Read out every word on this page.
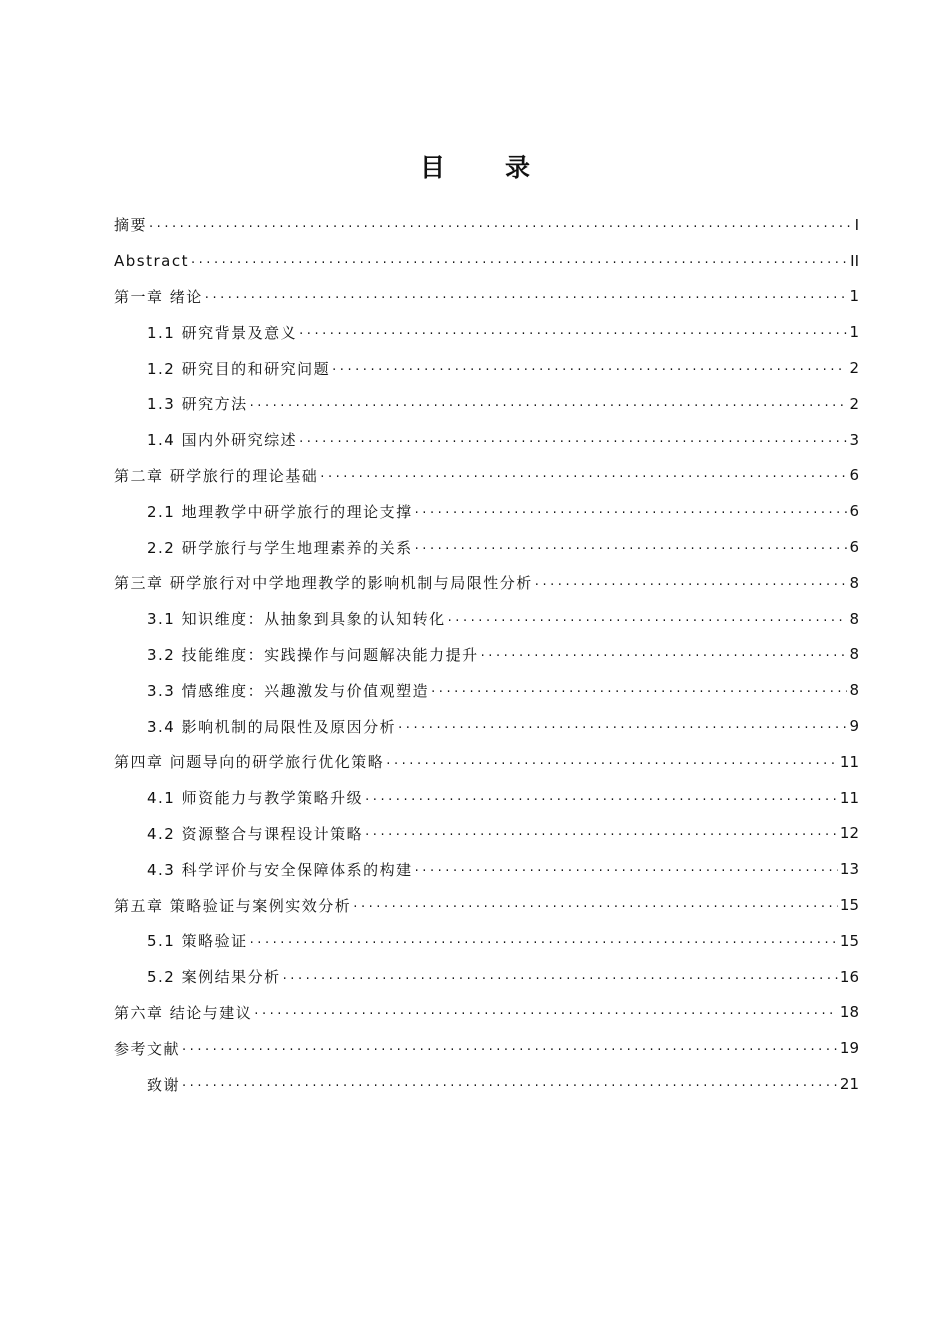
目录
摘要 . . .	I
Abstract . . .	II
第一章 绪论 . . .	1
1.1 研究背景及意义 . . .	1
1.2 研究目的和研究问题 . . .	2
1.3 研究方法 . . .	2
1.4 国内外研究综述 . . .	3
第二章 研学旅行的理论基础 . . .	6
2.1 地理教学中研学旅行的理论支撑 . . .	6
2.2 研学旅行与学生地理素养的关系 . . .	6
第三章 研学旅行对中学地理教学的影响机制与局限性分析 . . .	8
3.1 知识维度：从抽象到具象的认知转化 . . .	8
3.2 技能维度：实践操作与问题解决能力提升 . . .	8
3.3 情感维度：兴趣激发与价值观塑造 . . .	8
3.4 影响机制的局限性及原因分析 . . .	9
第四章 问题导向的研学旅行优化策略 . . .	11
4.1 师资能力与教学策略升级 . . .	11
4.2 资源整合与课程设计策略 . . .	12
4.3 科学评价与安全保障体系的构建 . . .	13
第五章 策略验证与案例实效分析 . . .	15
5.1 策略验证 . . .	15
5.2 案例结果分析 . . .	16
第六章 结论与建议 . . .	18
参考文献 . . .	19
致谢 . . .	21
